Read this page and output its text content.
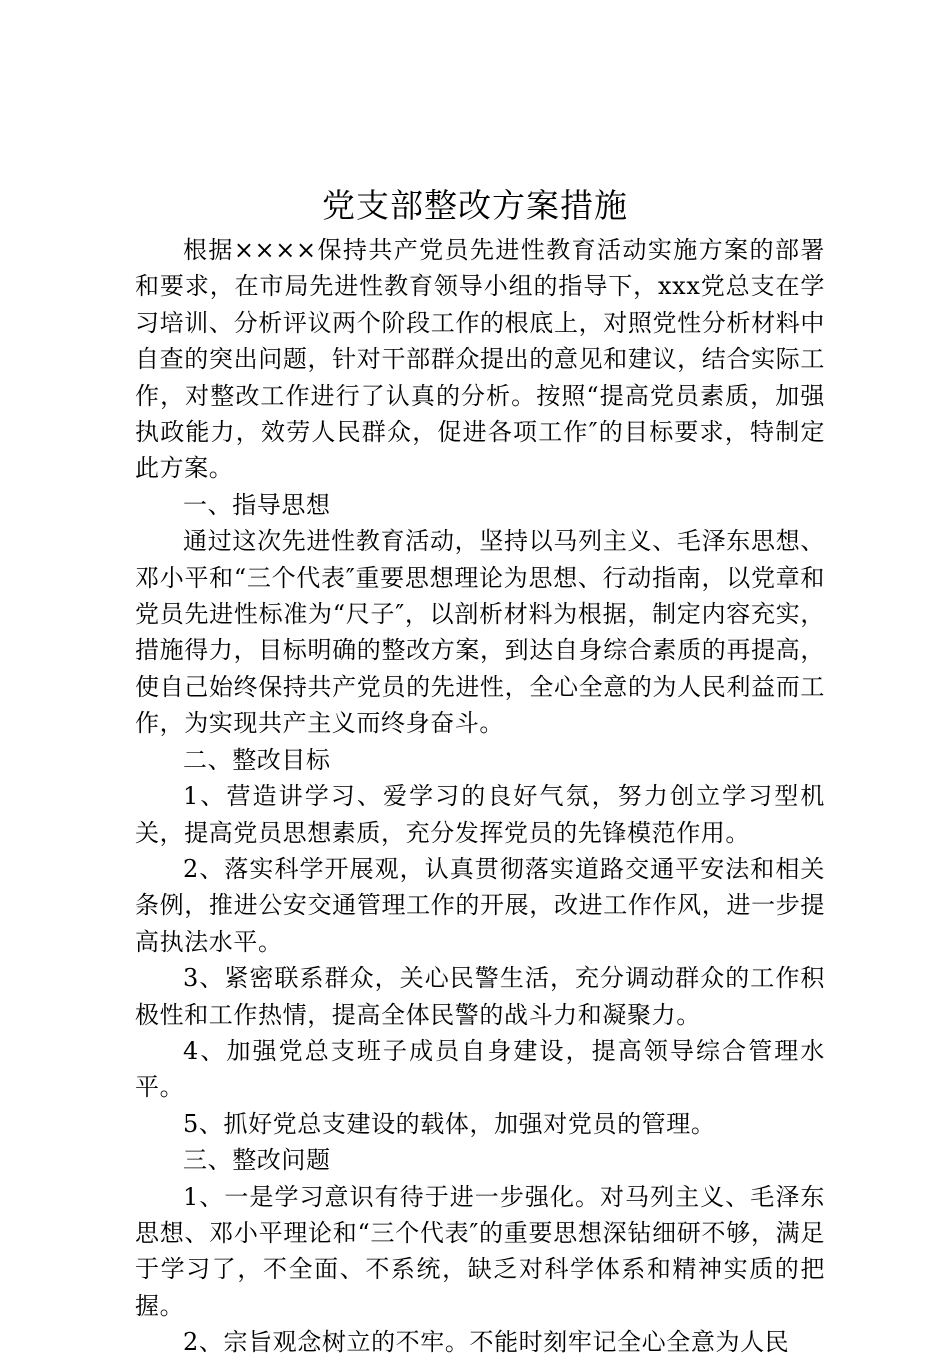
党支部整改方案措施

根据××××保持共产党员先进性教育活动实施方案的部署和要求，在市局先进性教育领导小组的指导下，xxx党总支在学习培训、分析评议两个阶段工作的根底上，对照党性分析材料中自查的突出问题，针对干部群众提出的意见和建议，结合实际工作，对整改工作进行了认真的分析。按照“提高党员素质，加强执政能力，效劳人民群众，促进各项工作″的目标要求，特制定此方案。

一、指导思想

通过这次先进性教育活动，坚持以马列主义、毛泽东思想、邓小平和“三个代表″重要思想理论为思想、行动指南，以党章和党员先进性标准为“尺子″，以剖析材料为根据，制定内容充实，措施得力，目标明确的整改方案，到达自身综合素质的再提高，使自己始终保持共产党员的先进性，全心全意的为人民利益而工作，为实现共产主义而终身奋斗。

二、整改目标

1、营造讲学习、爱学习的良好气氛，努力创立学习型机关，提高党员思想素质，充分发挥党员的先锋模范作用。

2、落实科学开展观，认真贯彻落实道路交通平安法和相关条例，推进公安交通管理工作的开展，改进工作作风，进一步提高执法水平。

3、紧密联系群众，关心民警生活，充分调动群众的工作积极性和工作热情，提高全体民警的战斗力和凝聚力。

4、加强党总支班子成员自身建设，提高领导综合管理水平。

5、抓好党总支建设的载体，加强对党员的管理。

三、整改问题

1、一是学习意识有待于进一步强化。对马列主义、毛泽东思想、邓小平理论和“三个代表″的重要思想深钻细研不够，满足于学习了，不全面、不系统，缺乏对科学体系和精神实质的把握。

2、宗旨观念树立的不牢。不能时刻牢记全心全意为人民
